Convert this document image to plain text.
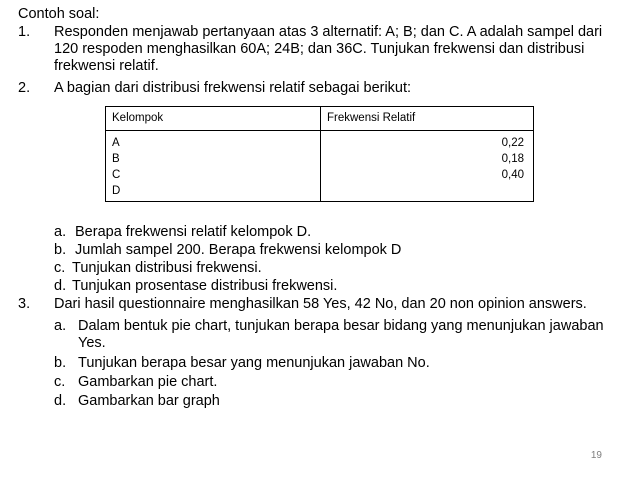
Contoh soal:
1. Responden menjawab pertanyaan atas 3 alternatif: A; B; dan C. A adalah sampel dari
120 respoden menghasilkan 60A; 24B; dan 36C. Tunjukan frekwensi dan distribusi
frekwensi relatif.
2. A bagian dari distribusi frekwensi relatif sebagai berikut:
Kelompok	Frekwensi Relatif
A
B
C
D
0,22
0,18
0,40
a. Berapa frekwensi relatif kelompok D.
b. Jumlah sampel 200. Berapa frekwensi kelompok D
c. Tunjukan distribusi frekwensi.
d. Tunjukan prosentase distribusi frekwensi.
3. Dari hasil questionnaire menghasilkan 58 Yes, 42 No, dan 20 non opinion answers.
a. Dalam bentuk pie chart, tunjukan berapa besar bidang yang menunjukan jawaban
Yes.
b. Tunjukan berapa besar yang menunjukan jawaban No.
c. Gambarkan pie chart.
d. Gambarkan bar graph
19
